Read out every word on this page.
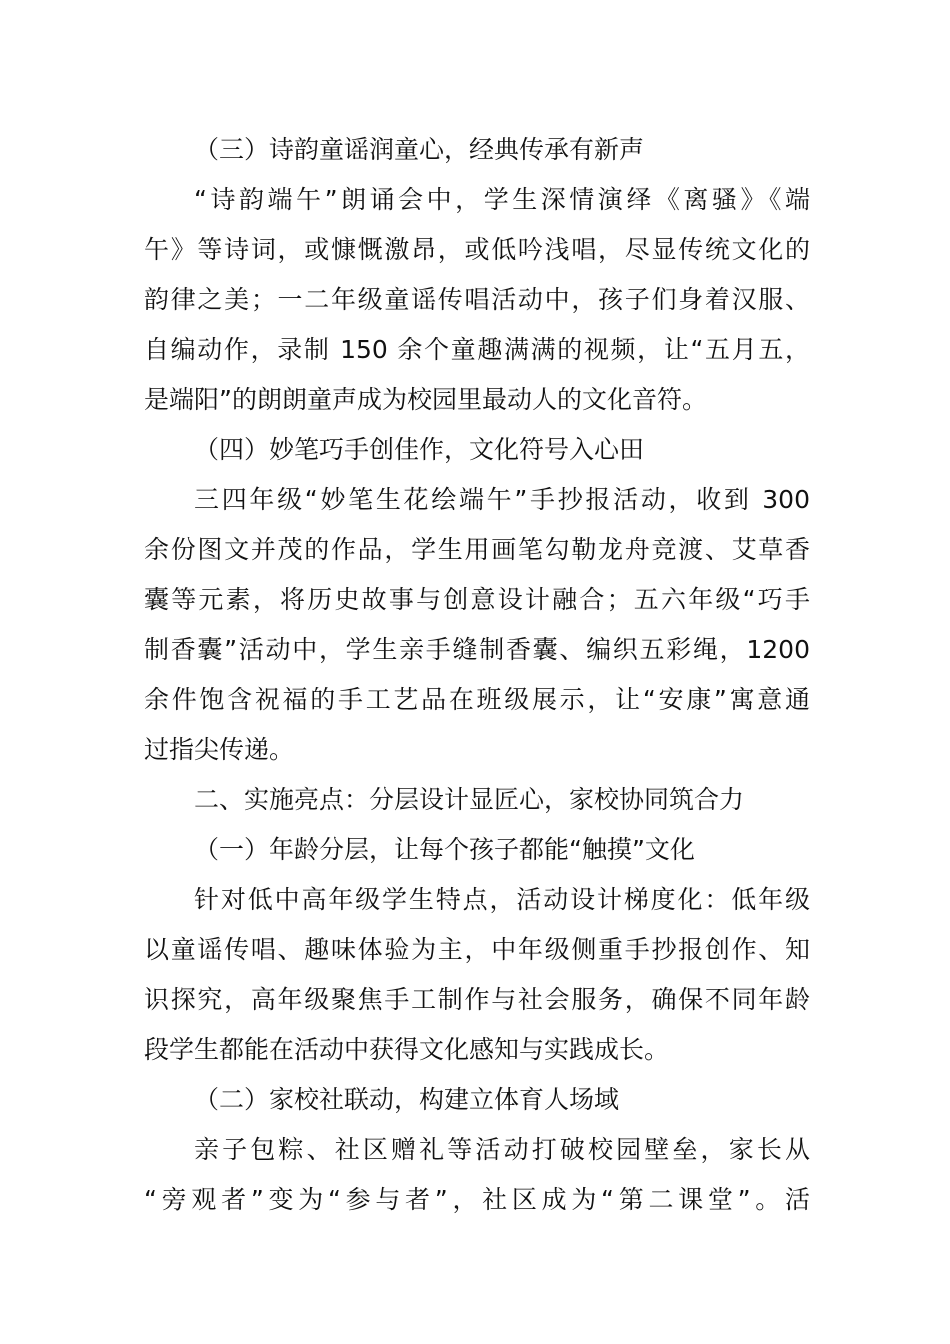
（三）诗韵童谣润童心，经典传承有新声
“诗韵端午”朗诵会中，学生深情演绎《离骚》《端
午》等诗词，或慷慨激昂，或低吟浅唱，尽显传统文化的
韵律之美；一二年级童谣传唱活动中，孩子们身着汉服、
自编动作，录制 150 余个童趣满满的视频，让“五月五，
是端阳”的朗朗童声成为校园里最动人的文化音符。
（四）妙笔巧手创佳作，文化符号入心田
三四年级“妙笔生花绘端午”手抄报活动，收到 300
余份图文并茂的作品，学生用画笔勾勒龙舟竞渡、艾草香
囊等元素，将历史故事与创意设计融合；五六年级“巧手
制香囊”活动中，学生亲手缝制香囊、编织五彩绳，1200
余件饱含祝福的手工艺品在班级展示，让“安康”寓意通
过指尖传递。
二、实施亮点：分层设计显匠心，家校协同筑合力
（一）年龄分层，让每个孩子都能“触摸”文化
针对低中高年级学生特点，活动设计梯度化：低年级
以童谣传唱、趣味体验为主，中年级侧重手抄报创作、知
识探究，高年级聚焦手工制作与社会服务，确保不同年龄
段学生都能在活动中获得文化感知与实践成长。
（二）家校社联动，构建立体育人场域
亲子包粽、社区赠礼等活动打破校园壁垒，家长从
“旁观者”变为“参与者”，社区成为“第二课堂”。活
